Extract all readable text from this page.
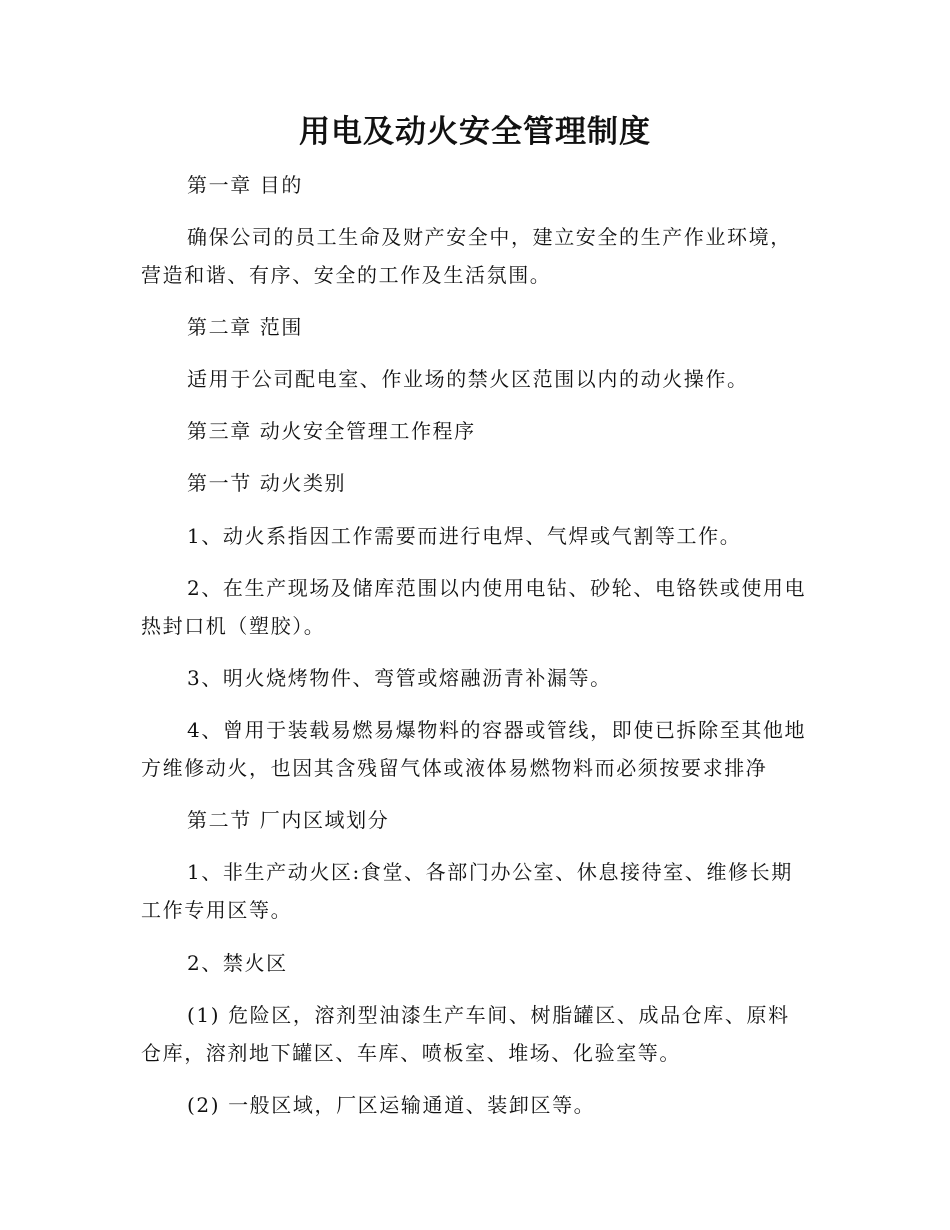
用电及动火安全管理制度
第一章 目的
确保公司的员工生命及财产安全中，建立安全的生产作业环境，
营造和谐、有序、安全的工作及生活氛围。
第二章 范围
适用于公司配电室、作业场的禁火区范围以内的动火操作。
第三章 动火安全管理工作程序
第一节 动火类别
1、动火系指因工作需要而进行电焊、气焊或气割等工作。
2、在生产现场及储库范围以内使用电钻、砂轮、电铬铁或使用电
热封口机（塑胶）。
3、明火烧烤物件、弯管或熔融沥青补漏等。
4、曾用于装载易燃易爆物料的容器或管线，即使已拆除至其他地
方维修动火，也因其含残留气体或液体易燃物料而必须按要求排净
第二节 厂内区域划分
1、非生产动火区:食堂、各部门办公室、休息接待室、维修长期
工作专用区等。
2、禁火区
(1) 危险区，溶剂型油漆生产车间、树脂罐区、成品仓库、原料
仓库，溶剂地下罐区、车库、喷板室、堆场、化验室等。
(2) 一般区域，厂区运输通道、装卸区等。
